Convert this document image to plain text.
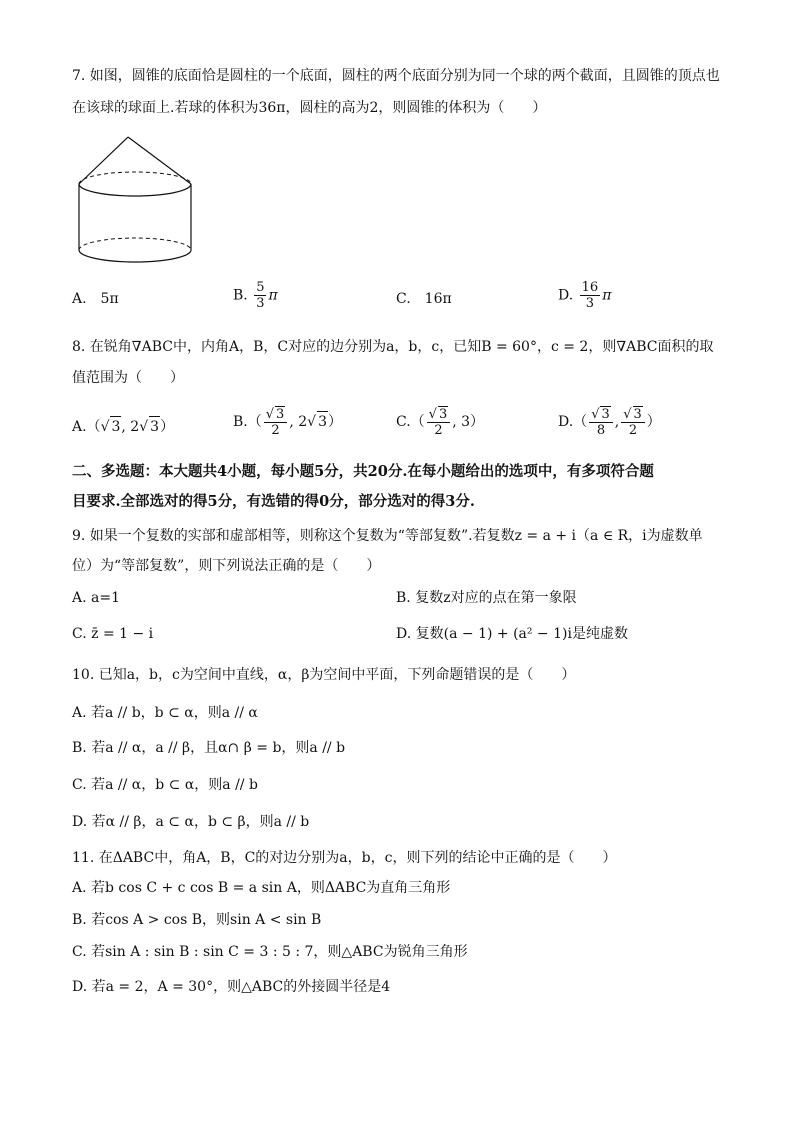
7. 如图，圆锥的底面恰是圆柱的一个底面，圆柱的两个底面分别为同一个球的两个截面，且圆锥的顶点也
在该球的球面上.若球的体积为36π，圆柱的高为2，则圆锥的体积为（　　）
A.　5π	B. $\frac{5}{3}$ π	C.　16π	D. $\frac{16}{3}$ π
8. 在锐角∇ABC中，内角A，B，C对应的边分别为a，b，c，已知B = 60°，c = 2，则∇ABC面积的取
值范围为（　　）
A.（ √ 3, 2 √ 3）	B.（ √ $\frac{3}{2}$ , 2 √ 3）	C.（ √ $\frac{3}{2}$ , 3）	D.（ √ $\frac{3}{8}$ , √ $\frac{3}{2}$ ）
二、多选题：本大题共4小题，每小题5分，共20分.在每小题给出的选项中，有多项符合题
目要求.全部选对的得5分，有选错的得0分，部分选对的得3分.
9. 如果一个复数的实部和虚部相等，则称这个复数为“等部复数”.若复数z = a + i（a ∈ R，i为虚数单
位）为“等部复数”，则下列说法正确的是（　　）
A. a=1	B. 复数z对应的点在第一象限
C. z̄ = 1 − i	D. 复数(a − 1) + (a² − 1)i是纯虚数
10. 已知a，b，c为空间中直线，α，β为空间中平面，下列命题错误的是（　　）
A. 若a // b，b ⊂ α，则a // α
B. 若a // α，a // β，且α∩ β = b，则a // b
C. 若a // α，b ⊂ α，则a // b
D. 若α // β，a ⊂ α，b ⊂ β，则a // b
11. 在ΔABC中，角A，B，C的对边分别为a，b，c，则下列的结论中正确的是（　　）
A. 若b cos C + c cos B = a sin A，则ΔABC为直角三角形
B. 若cos A > cos B，则sin A < sin B
C. 若sin A : sin B : sin C = 3 : 5 : 7，则△ABC为锐角三角形
D. 若a = 2，A = 30°，则△ABC的外接圆半径是4
